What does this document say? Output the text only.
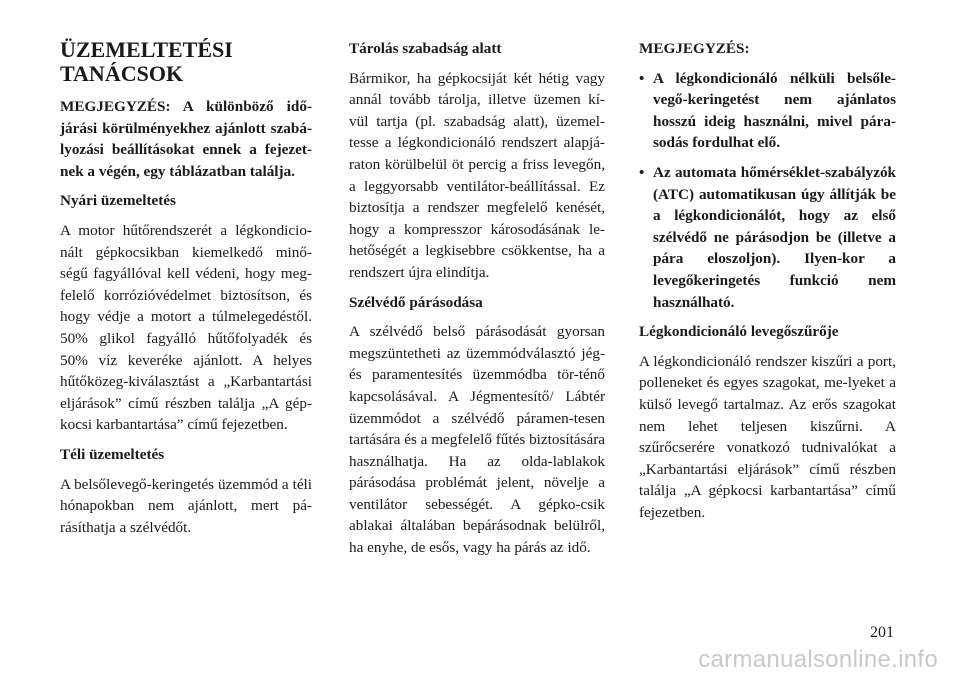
ÜZEMELTETÉSI TANÁCSOK

MEGJEGYZÉS: A különböző idő-járási körülményekhez ajánlott szabá-lyozási beállításokat ennek a fejezet-nek a végén, egy táblázatban találja.

Nyári üzemeltetés

A motor hűtőrendszerét a légkondicio-nált gépkocsikban kiemelkedő minő-ségű fagyállóval kell védeni, hogy meg-felelő korrózióvédelmet biztosítson, és hogy védje a motort a túlmelegedéstől. 50% glikol fagyálló hűtőfolyadék és 50% víz keveréke ajánlott. A helyes hűtőközeg-kiválasztást a „Karbantartási eljárások” című részben találja „A gép-kocsi karbantartása” című fejezetben.

Téli üzemeltetés

A belsőlevegő-keringetés üzemmód a téli hónapokban nem ajánlott, mert pá-rásíthatja a szélvédőt.

Tárolás szabadság alatt

Bármikor, ha gépkocsiját két hétig vagy annál tovább tárolja, illetve üzemen kí-vül tartja (pl. szabadság alatt), üzemel-tesse a légkondicionáló rendszert alapjá-raton körülbelül öt percig a friss levegőn, a leggyorsabb ventilátor-beállítással. Ez biztosítja a rendszer megfelelő kenését, hogy a kompresszor károsodásának le-hetőségét a legkisebbre csökkentse, ha a rendszert újra elindítja.

Szélvédő párásodása

A szélvédő belső párásodását gyorsan megszüntetheti az üzemmódválasztó jég- és paramentesítés üzemmódba tör-ténő kapcsolásával. A Jégmentesítő/ Lábtér üzemmódot a szélvédő páramen-tesen tartására és a megfelelő fűtés biztosítására használhatja. Ha az olda-lablakok párásodása problémát jelent, növelje a ventilátor sebességét. A gépko-csik ablakai általában bepárásodnak belülről, ha enyhe, de esős, vagy ha párás az idő.

MEGJEGYZÉS:

• A légkondicionáló nélküli belsőle-vegő-keringetést nem ajánlatos hosszú ideig használni, mivel pára-sodás fordulhat elő.
• Az automata hőmérséklet-szabályzók (ATC) automatikusan úgy állítják be a légkondicionálót, hogy az első szélvédő ne párásodjon be (illetve a pára eloszoljon). Ilyen-kor a levegőkeringetés funkció nem használható.

Légkondicionáló levegőszűrője

A légkondicionáló rendszer kiszűri a port, polleneket és egyes szagokat, me-lyeket a külső levegő tartalmaz. Az erős szagokat nem lehet teljesen kiszűrni. A szűrőcserére vonatkozó tudnivalókat a „Karbantartási eljárások” című részben találja „A gépkocsi karbantartása” című fejezetben.

201
carmanualsonline.info
